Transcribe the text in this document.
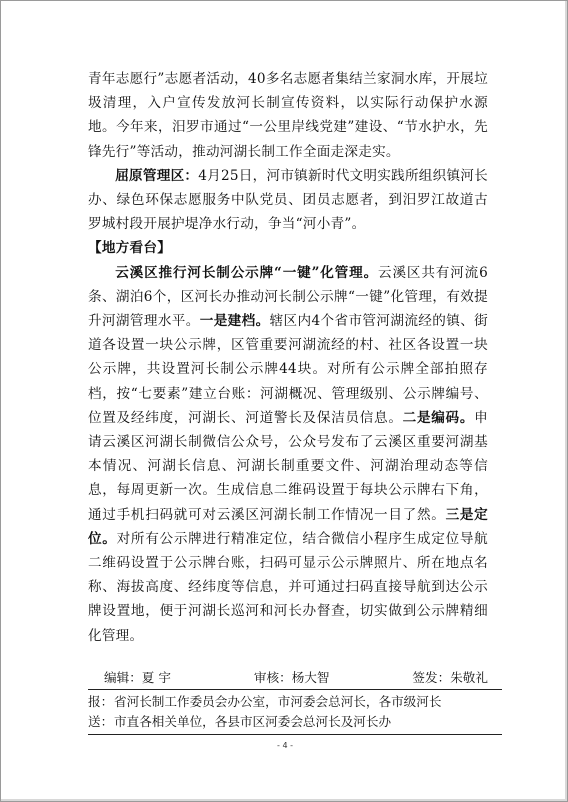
青年志愿行”志愿者活动，40多名志愿者集结兰家洞水库，开展垃圾清理，入户宣传发放河长制宣传资料，以实际行动保护水源地。今年来，汨罗市通过“一公里岸线党建”建设、“节水护水，先锋先行”等活动，推动河湖长制工作全面走深走实。

屈原管理区：4月25日，河市镇新时代文明实践所组织镇河长办、绿色环保志愿服务中队党员、团员志愿者，到汨罗江故道古罗城村段开展护堤净水行动，争当“河小青”。

【地方看台】

云溪区推行河长制公示牌“一键”化管理。云溪区共有河流6条、湖泊6个，区河长办推动河长制公示牌“一键”化管理，有效提升河湖管理水平。一是建档。辖区内4个省市管河湖流经的镇、街道各设置一块公示牌，区管重要河湖流经的村、社区各设置一块公示牌，共设置河长制公示牌44块。对所有公示牌全部拍照存档，按“七要素”建立台账：河湖概况、管理级别、公示牌编号、位置及经纬度，河湖长、河道警长及保洁员信息。二是编码。申请云溪区河湖长制微信公众号，公众号发布了云溪区重要河湖基本情况、河湖长信息、河湖长制重要文件、河湖治理动态等信息，每周更新一次。生成信息二维码设置于每块公示牌右下角，通过手机扫码就可对云溪区河湖长制工作情况一目了然。三是定位。对所有公示牌进行精准定位，结合微信小程序生成定位导航二维码设置于公示牌台账，扫码可显示公示牌照片、所在地点名称、海拔高度、经纬度等信息，并可通过扫码直接导航到达公示牌设置地，便于河湖长巡河和河长办督查，切实做到公示牌精细化管理。

编辑：夏 宇	审核：杨大智	签发：朱敬礼
报： 省河长制工作委员会办公室，市河委会总河长，各市级河长
送： 市直各相关单位，各县市区河委会总河长及河长办
- 4 -
